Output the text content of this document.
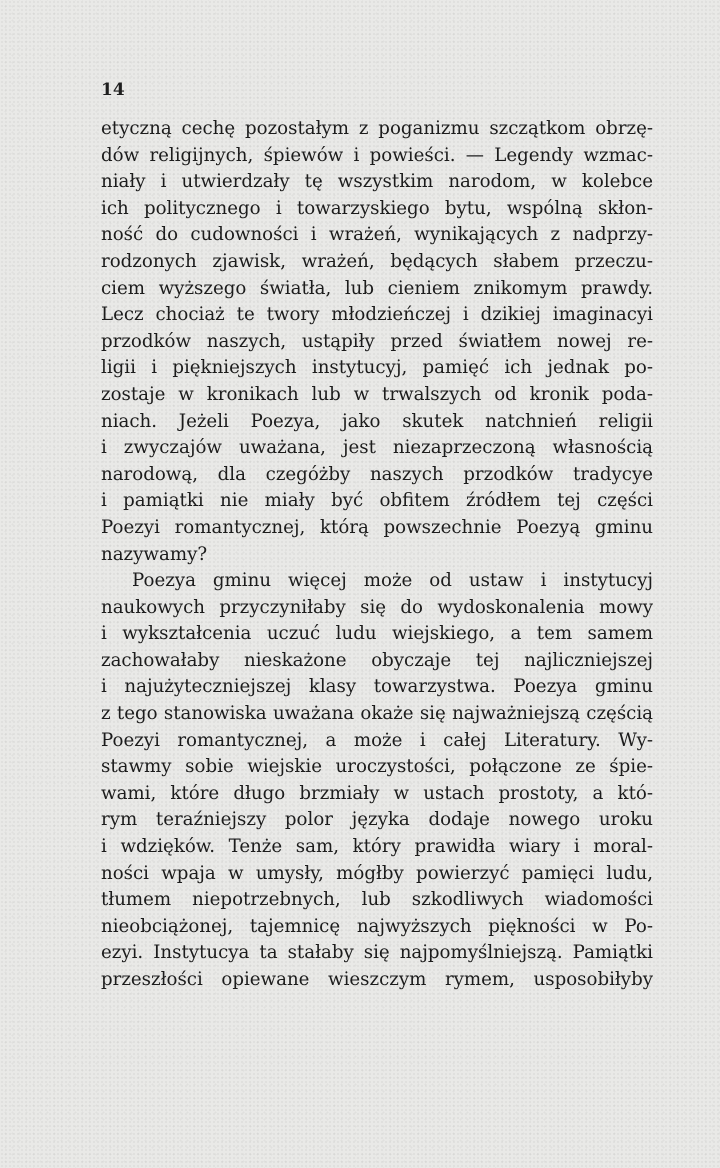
14
etyczną cechę pozostałym z poganizmu szczątkom obrzę-
dów religijnych, śpiewów i powieści. — Legendy wzmac-
niały i utwierdzały tę wszystkim narodom, w kolebce
ich politycznego i towarzyskiego bytu, wspólną skłon-
ność do cudowności i wrażeń, wynikających z nadprzy-
rodzonych zjawisk, wrażeń, będących słabem przeczu-
ciem wyższego światła, lub cieniem znikomym prawdy.
Lecz chociaż te twory młodzieńczej i dzikiej imaginacyi
przodków naszych, ustąpiły przed światłem nowej re-
ligii i piękniejszych instytucyj, pamięć ich jednak po-
zostaje w kronikach lub w trwalszych od kronik poda-
niach. Jeżeli Poezya, jako skutek natchnień religii
i zwyczajów uważana, jest niezaprzeczoną własnością
narodową, dla czegóżby naszych przodków tradycye
i pamiątki nie miały być obfitem źródłem tej części
Poezyi romantycznej, którą powszechnie Poezyą gminu
nazywamy?
Poezya gminu więcej może od ustaw i instytucyj
naukowych przyczyniłaby się do wydoskonalenia mowy
i wykształcenia uczuć ludu wiejskiego, a tem samem
zachowałaby nieskażone obyczaje tej najliczniejszej
i najużyteczniejszej klasy towarzystwa. Poezya gminu
z tego stanowiska uważana okaże się najważniejszą częścią
Poezyi romantycznej, a może i całej Literatury. Wy-
stawmy sobie wiejskie uroczystości, połączone ze śpie-
wami, które długo brzmiały w ustach prostoty, a któ-
rym teraźniejszy polor języka dodaje nowego uroku
i wdzięków. Tenże sam, który prawidła wiary i moral-
ności wpaja w umysły, mógłby powierzyć pamięci ludu,
tłumem niepotrzebnych, lub szkodliwych wiadomości
nieobciążonej, tajemnicę najwyższych piękności w Po-
ezyi. Instytucya ta stałaby się najpomyślniejszą. Pamiątki
przeszłości opiewane wieszczym rymem, usposobiłyby
